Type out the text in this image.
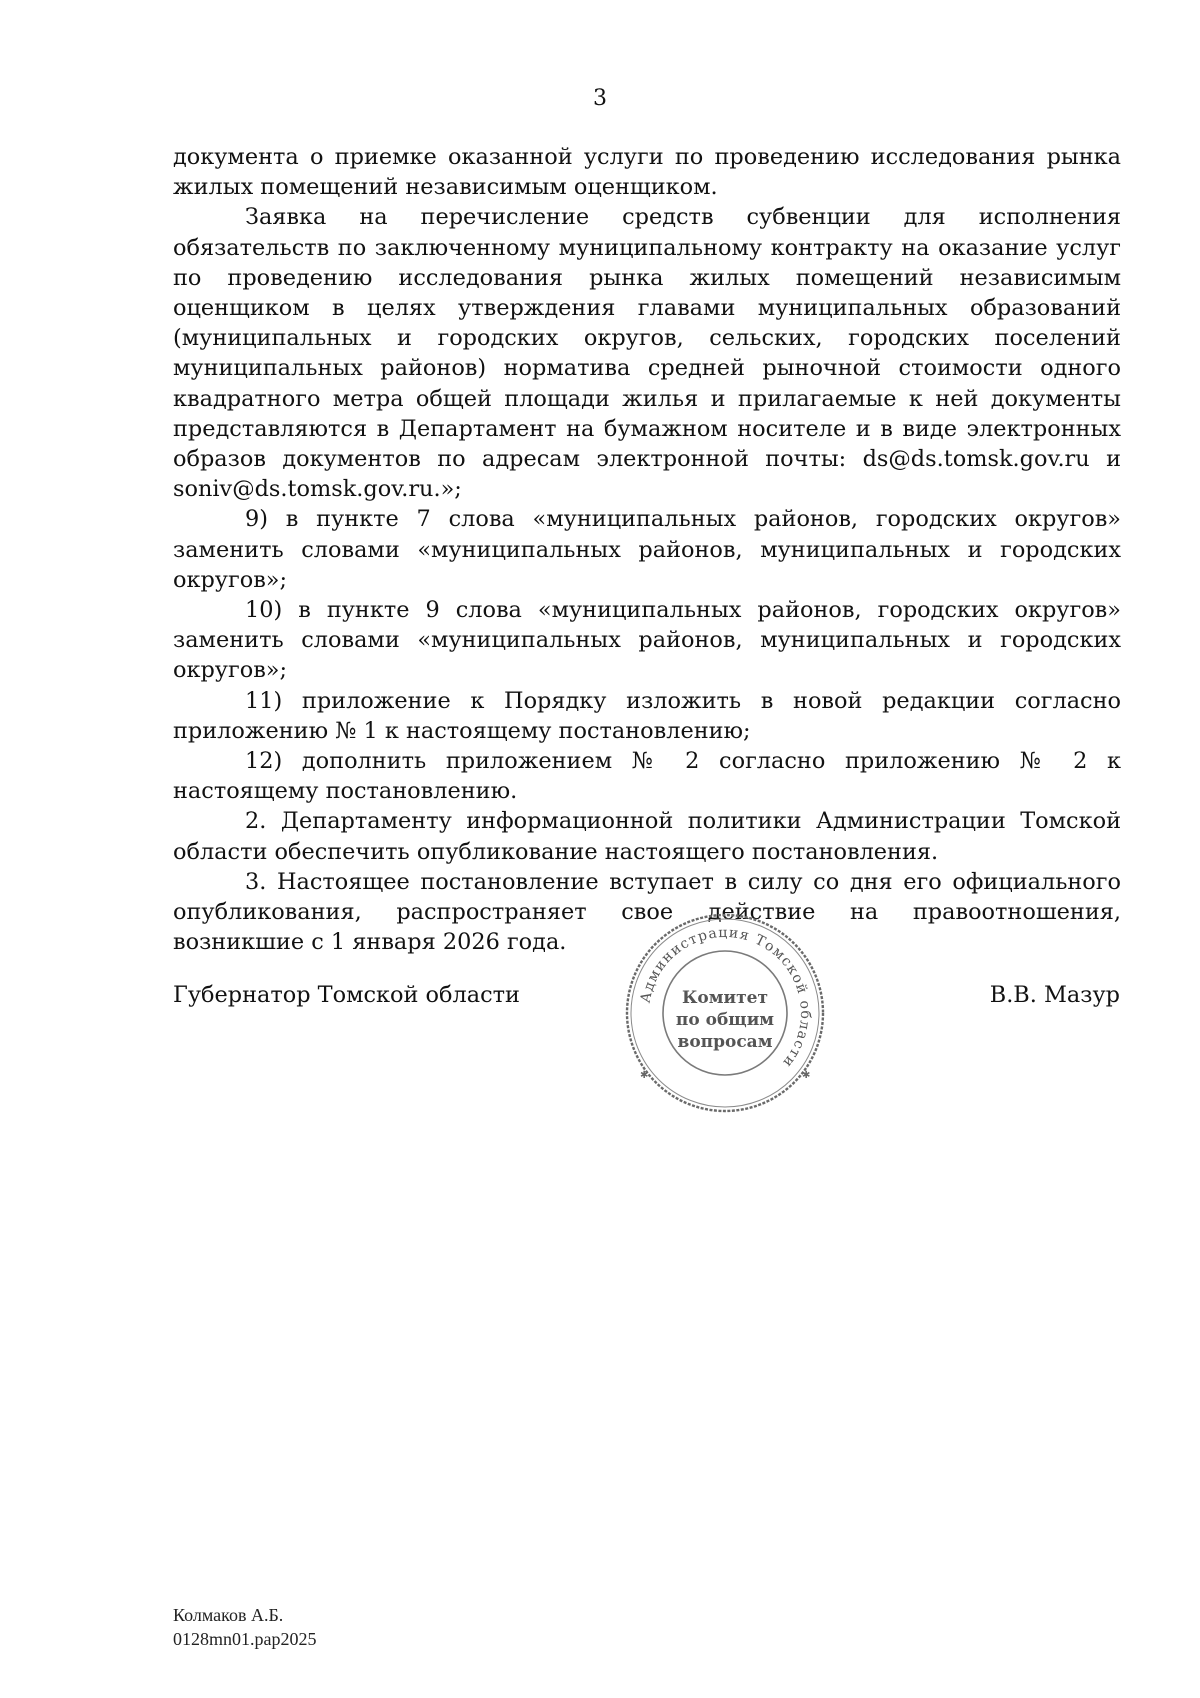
3

документа о приемке оказанной услуги по проведению исследования рынка жилых помещений независимым оценщиком.

Заявка на перечисление средств субвенции для исполнения обязательств по заключенному муниципальному контракту на оказание услуг по проведению исследования рынка жилых помещений независимым оценщиком в целях утверждения главами муниципальных образований (муниципальных и городских округов, сельских, городских поселений муниципальных районов) норматива средней рыночной стоимости одного квадратного метра общей площади жилья и прилагаемые к ней документы представляются в Департамент на бумажном носителе и в виде электронных образов документов по адресам электронной почты: ds@ds.tomsk.gov.ru и soniv@ds.tomsk.gov.ru.»;

9) в пункте 7 слова «муниципальных районов, городских округов» заменить словами «муниципальных районов, муниципальных и городских округов»;

10) в пункте 9 слова «муниципальных районов, городских округов» заменить словами «муниципальных районов, муниципальных и городских округов»;

11) приложение к Порядку изложить в новой редакции согласно приложению № 1 к настоящему постановлению;

12) дополнить приложением № 2 согласно приложению № 2 к настоящему постановлению.

2. Департаменту информационной политики Администрации Томской области обеспечить опубликование настоящего постановления.

3. Настоящее постановление вступает в силу со дня его официального опубликования, распространяет свое действие на правоотношения, возникшие с 1 января 2026 года.

Губернатор Томской области	Администрация Томской области
✱	✱
Комитет
по общим
вопросам
В.В. Мазур
Колмаков А.Б.
0128mn01.pap2025
